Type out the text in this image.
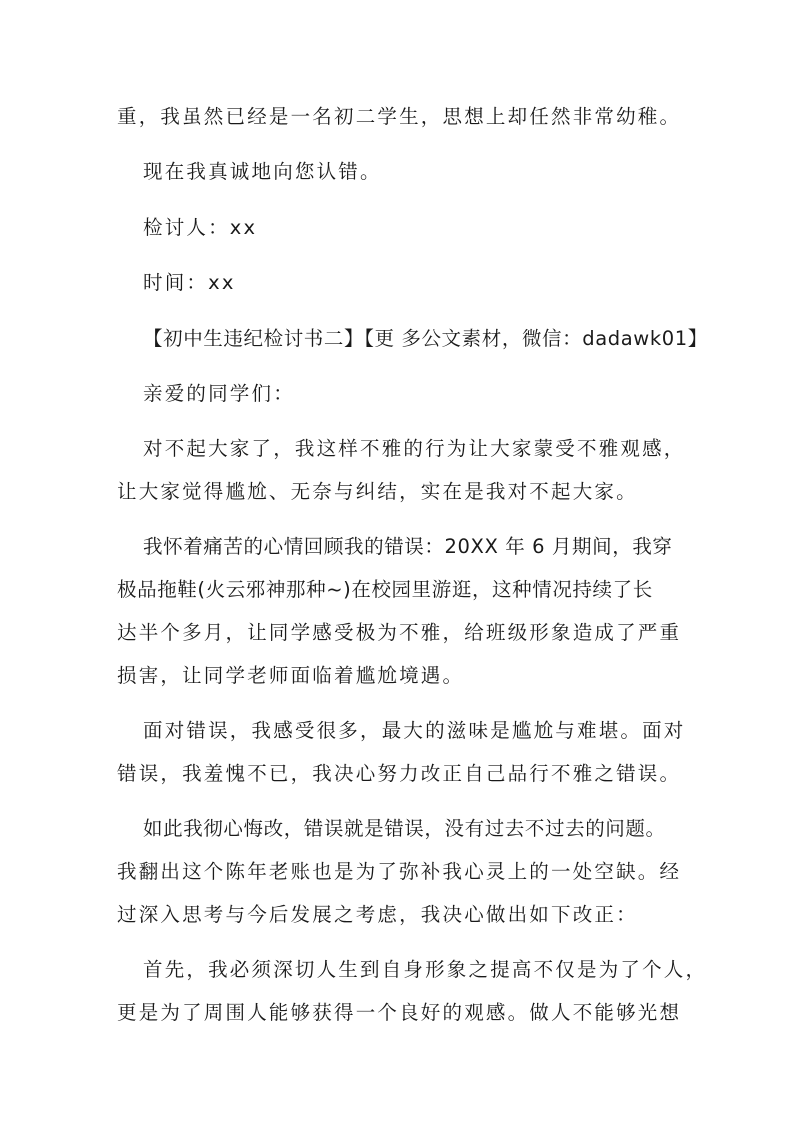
重，我虽然已经是一名初二学生，思想上却任然非常幼稚。

现在我真诚地向您认错。

检讨人：xx

时间：xx

【初中生违纪检讨书二】【更 多公文素材，微信：dadawk01】

亲爱的同学们：

对不起大家了，我这样不雅的行为让大家蒙受不雅观感，

让大家觉得尴尬、无奈与纠结，实在是我对不起大家。

我怀着痛苦的心情回顾我的错误：20XX 年 6 月期间，我穿

极品拖鞋(火云邪神那种~)在校园里游逛，这种情况持续了长

达半个多月，让同学感受极为不雅，给班级形象造成了严重

损害，让同学老师面临着尴尬境遇。

面对错误，我感受很多，最大的滋味是尴尬与难堪。面对

错误，我羞愧不已，我决心努力改正自己品行不雅之错误。

如此我彻心悔改，错误就是错误，没有过去不过去的问题。

我翻出这个陈年老账也是为了弥补我心灵上的一处空缺。经

过深入思考与今后发展之考虑，我决心做出如下改正：

首先，我必须深切人生到自身形象之提高不仅是为了个人，

更是为了周围人能够获得一个良好的观感。做人不能够光想
